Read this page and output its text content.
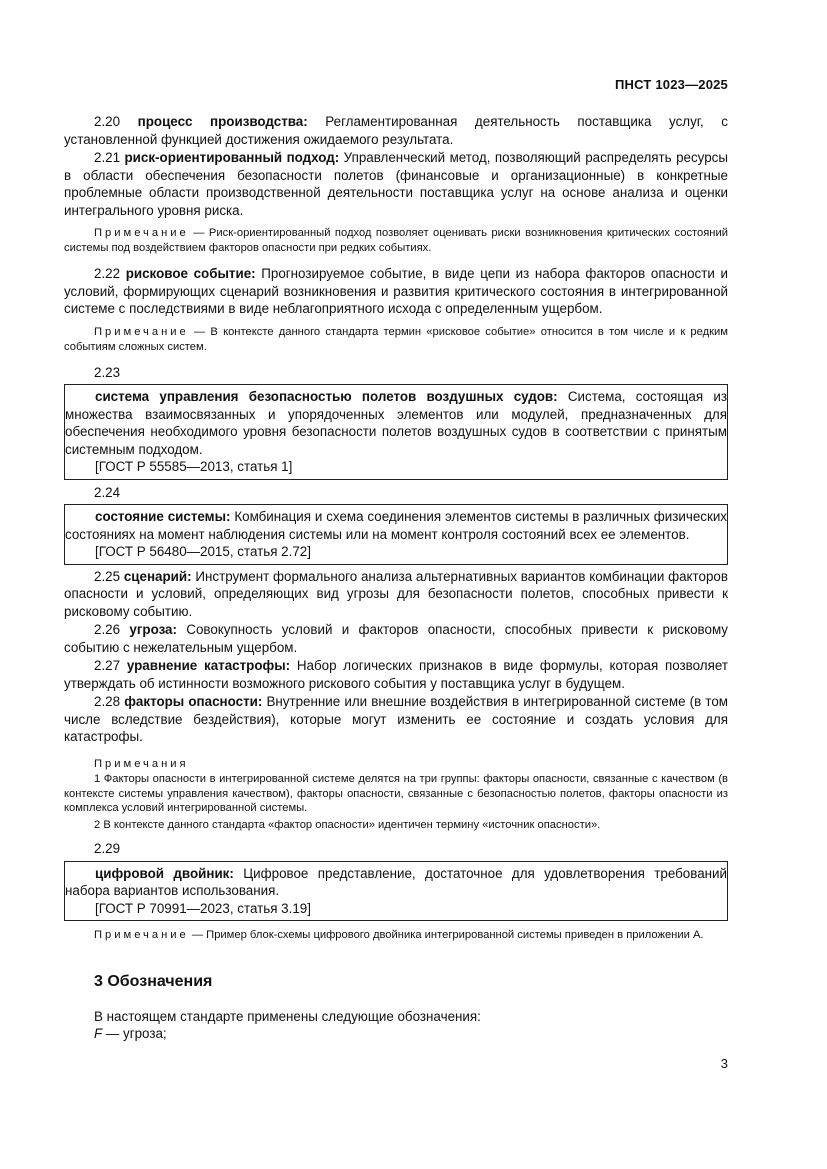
ПНСТ 1023—2025

2.20 процесс производства: Регламентированная деятельность поставщика услуг, с установленной функцией достижения ожидаемого результата.

2.21 риск-ориентированный подход: Управленческий метод, позволяющий распределять ресурсы в области обеспечения безопасности полетов (финансовые и организационные) в конкретные проблемные области производственной деятельности поставщика услуг на основе анализа и оценки интегрального уровня риска.

Примечание — Риск-ориентированный подход позволяет оценивать риски возникновения критических состояний системы под воздействием факторов опасности при редких событиях.

2.22 рисковое событие: Прогнозируемое событие, в виде цепи из набора факторов опасности и условий, формирующих сценарий возникновения и развития критического состояния в интегрированной системе с последствиями в виде неблагоприятного исхода с определенным ущербом.

Примечание — В контексте данного стандарта термин «рисковое событие» относится в том числе и к редким событиям сложных систем.

2.23

система управления безопасностью полетов воздушных судов: Система, состоящая из множества взаимосвязанных и упорядоченных элементов или модулей, предназначенных для обеспечения необходимого уровня безопасности полетов воздушных судов в соответствии с принятым системным подходом.

[ГОСТ Р 55585—2013, статья 1]

2.24

состояние системы: Комбинация и схема соединения элементов системы в различных физических состояниях на момент наблюдения системы или на момент контроля состояний всех ее элементов.

[ГОСТ Р 56480—2015, статья 2.72]

2.25 сценарий: Инструмент формального анализа альтернативных вариантов комбинации факторов опасности и условий, определяющих вид угрозы для безопасности полетов, способных привести к рисковому событию.

2.26 угроза: Совокупность условий и факторов опасности, способных привести к рисковому событию с нежелательным ущербом.

2.27 уравнение катастрофы: Набор логических признаков в виде формулы, которая позволяет утверждать об истинности возможного рискового события у поставщика услуг в будущем.

2.28 факторы опасности: Внутренние или внешние воздействия в интегрированной системе (в том числе вследствие бездействия), которые могут изменить ее состояние и создать условия для катастрофы.

Примечания

1 Факторы опасности в интегрированной системе делятся на три группы: факторы опасности, связанные с качеством (в контексте системы управления качеством), факторы опасности, связанные с безопасностью полетов, факторы опасности из комплекса условий интегрированной системы.

2 В контексте данного стандарта «фактор опасности» идентичен термину «источник опасности».

2.29

цифровой двойник: Цифровое представление, достаточное для удовлетворения требований набора вариантов использования.

[ГОСТ Р 70991—2023, статья 3.19]

Примечание — Пример блок-схемы цифрового двойника интегрированной системы приведен в приложении А.

3 Обозначения

В настоящем стандарте применены следующие обозначения:

F — угроза;

3
